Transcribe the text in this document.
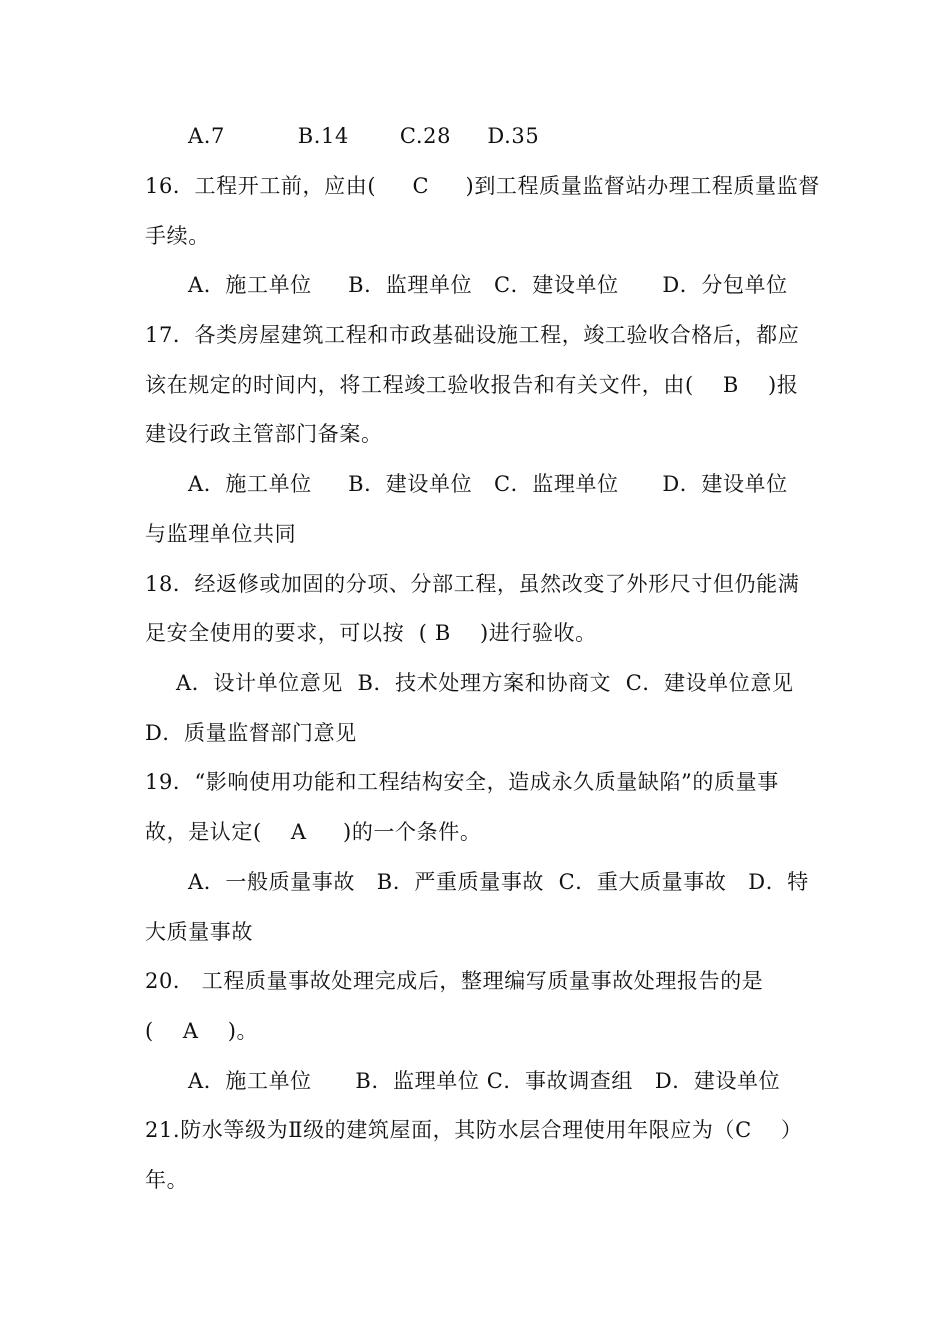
A.7          B.14       C.28     D.35
16．工程开工前，应由(     C     )到工程质量监督站办理工程质量监督
手续。
A．施工单位     B．监理单位   C．建设单位      D．分包单位
17．各类房屋建筑工程和市政基础设施工程，竣工验收合格后，都应
该在规定的时间内，将工程竣工验收报告和有关文件，由(    B    )报
建设行政主管部门备案。
A．施工单位     B．建设单位   C．监理单位      D．建设单位
与监理单位共同
18．经返修或加固的分项、分部工程，虽然改变了外形尺寸但仍能满
足安全使用的要求，可以按  ( B    )进行验收。
A．设计单位意见  B．技术处理方案和协商文  C．建设单位意见
D．质量监督部门意见
19．“影响使用功能和工程结构安全，造成永久质量缺陷”的质量事
故，是认定(    A     )的一个条件。
A．一般质量事故   B．严重质量事故  C．重大质量事故   D．特
大质量事故
20． 工程质量事故处理完成后，整理编写质量事故处理报告的是
(    A    )。
A．施工单位      B．监理单位 C．事故调查组   D．建设单位
21.防水等级为Ⅱ级的建筑屋面，其防水层合理使用年限应为（C    ）
年。
